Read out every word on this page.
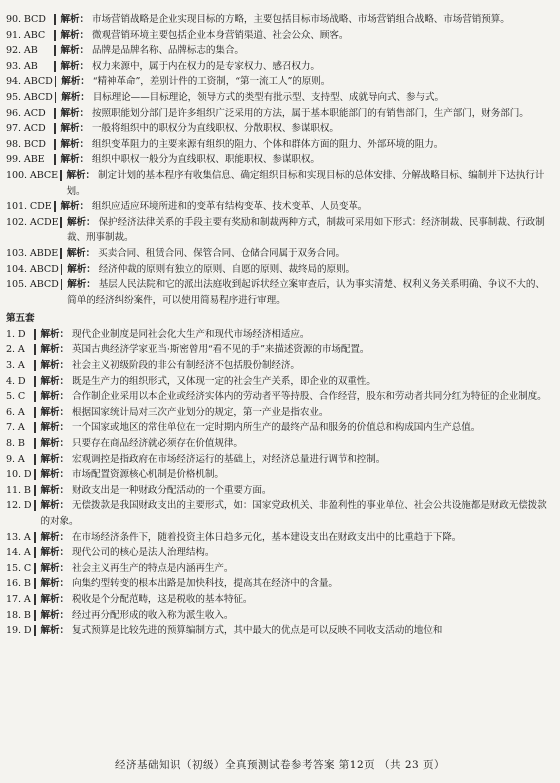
90. BCD	解析： 市场营销战略是企业实现目标的方略，主要包括目标市场战略、市场营销组合战略、市场营销预算。
91. ABC	解析： 微观营销环境主要包括企业本身营销渠道、社会公众、顾客。
92. AB	解析： 品牌是品牌名称、品牌标志的集合。
93. AB	解析： 权力来源中，属于内在权力的是专家权力、感召权力。
94. ABCD 解析： “精神革命”，差别计件的工资制，“第一流工人”的原则。
95. ABCD 解析： 目标理论——目标理论，领导方式的类型有批示型、支持型、成就导向式、参与式。
96. ACD	解析： 按照职能划分部门是许多组织广泛采用的方法，属于基本职能部门的有销售部门，生产部门，财务部门。
97. ACD	解析： 一般将组织中的职权分为直线职权、分散职权、参谋职权。
98. BCD	解析： 组织变革阻力的主要来源有组织的阻力、个体和群体方面的阻力、外部环境的阻力。
99. ABE	解析： 组织中职权一般分为直线职权、职能职权、参谋职权。
100. ABCE 解析： 制定计划的基本程序有收集信息、确定组织目标和实现目标的总体安排、分解战略目标、编制并下达执行计划。
101. CDE 解析： 组织应适应环境所进和的变革有结构变革、技术变革、人员变革。
102. ACDE 解析： 保护经济法律关系的手段主要有奖励和制裁两种方式，制裁可采用如下形式：经济制裁、民事制裁、行政制裁、刑事制裁。
103. ABDE 解析： 买卖合同、租赁合同、保管合同、仓储合同属于双务合同。
104. ABCD 解析： 经济仲裁的原则有独立的原则、自愿的原则、裁终局的原则。
105. ABCD 解析： 基层人民法院和它的派出法庭收到起诉状经立案审查后，认为事实清楚、权利义务关系明确、争议不大的、简单的经济纠纷案件，可以使用简易程序进行审理。
第五套
1. D	解析： 现代企业制度是同社会化大生产和现代市场经济相适应。
2. A	解析： 英国古典经济学家亚当·斯密曾用“看不见的手”来描述资源的市场配置。
3. A	解析： 社会主义初级阶段的非公有制经济不包括股份制经济。
4. D	解析： 既是生产力的组织形式，又体现一定的社会生产关系，即企业的双重性。
5. C	解析： 合作制企业采用以本企业或经济实体内的劳动者平等持股、合作经营，股东和劳动者共同分红为特征的企业制度。
6. A	解析： 根据国家统计局对三次产业划分的规定，第一产业是指农业。
7. A	解析： 一个国家或地区的常住单位在一定时期内所生产的最终产品和服务的价值总和构成国内生产总值。
8. B	解析： 只要存在商品经济就必须存在价值规律。
9. A	解析： 宏观调控是指政府在市场经济运行的基础上，对经济总量进行调节和控制。
10. D 解析： 市场配置资源核心机制是价格机制。
11. B 解析： 财政支出是一种财政分配活动的一个重要方面。
12. D 解析： 无偿拨款是我国财政支出的主要形式，如：国家党政机关、非盈利性的事业单位、社会公共设施都是财政无偿拨款的对象。
13. A 解析： 在市场经济条件下，随着投资主体日趋多元化，基本建设支出在财政支出中的比重趋于下降。
14. A 解析： 现代公司的核心是法人治理结构。
15. C 解析： 社会主义再生产的特点是内涵再生产。
16. B 解析： 向集约型转变的根本出路是加快科技，提高其在经济中的含量。
17. A 解析： 税收是个分配范畴，这是税收的基本特征。
18. B 解析： 经过再分配形成的收入称为派生收入。
19. D 解析： 复式预算是比较先进的预算编制方式，其中最大的优点是可以反映不同收支活动的地位和
经济基础知识（初级）全真预测试卷参考答案 第12页 （共 23 页）
